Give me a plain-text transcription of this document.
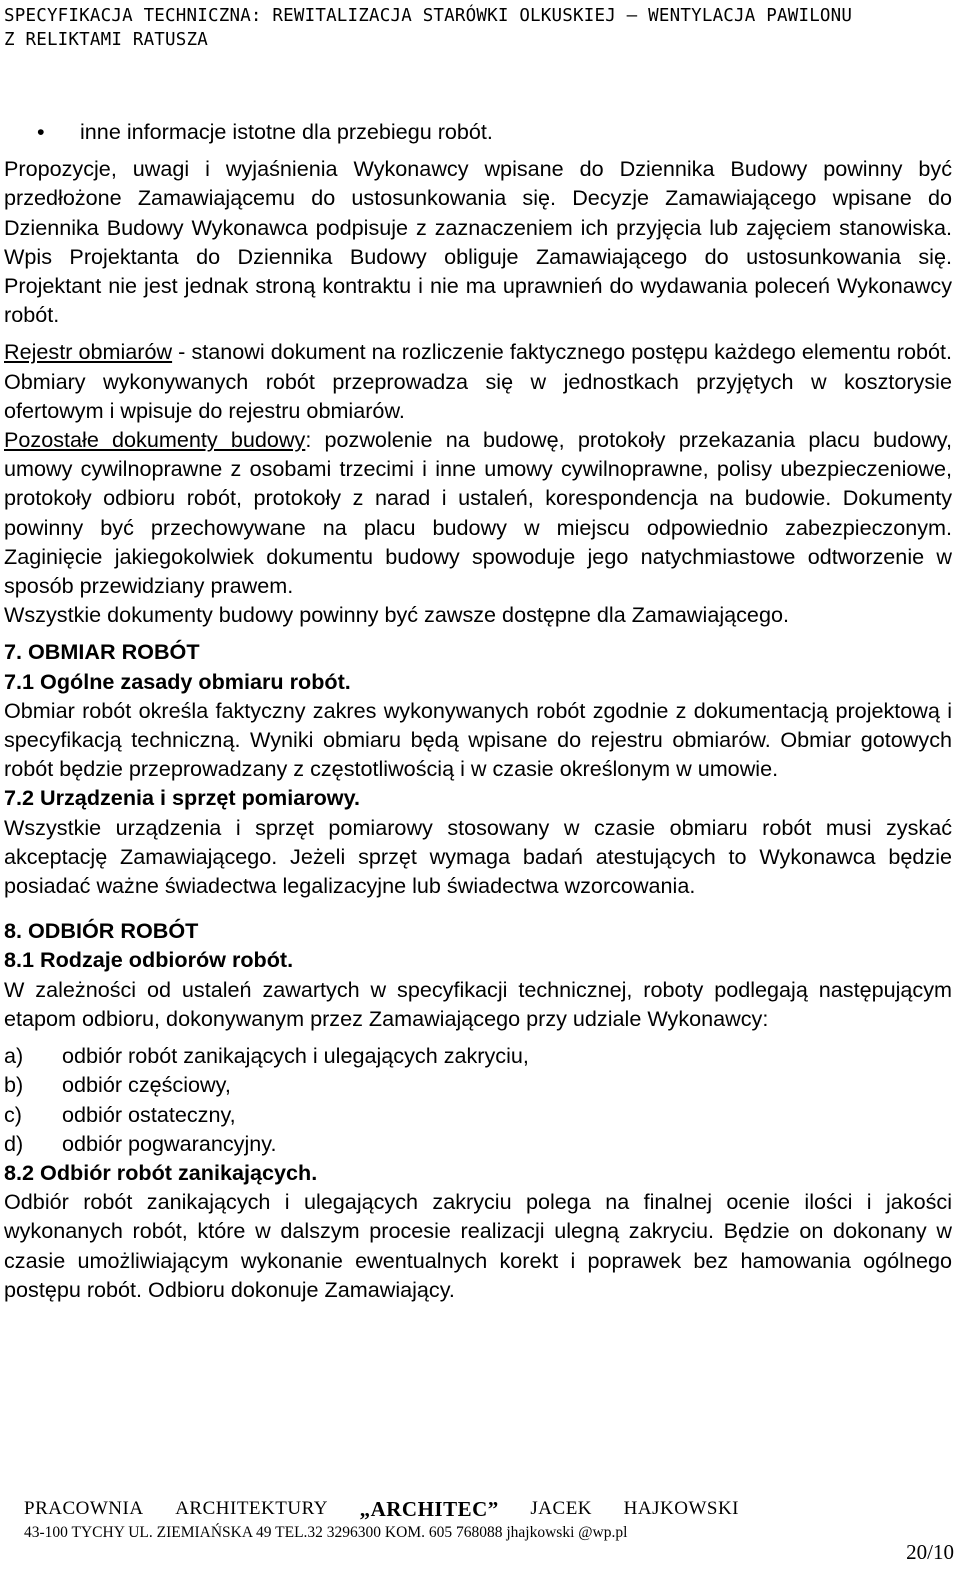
SPECYFIKACJA TECHNICZNA: REWITALIZACJA STARÓWKI OLKUSKIEJ – WENTYLACJA PAWILONU
Z RELIKTAMI RATUSZA

• inne informacje istotne dla przebiegu robót.

Propozycje, uwagi i wyjaśnienia Wykonawcy wpisane do Dziennika Budowy powinny być przedłożone Zamawiającemu do ustosunkowania się. Decyzje Zamawiającego wpisane do Dziennika Budowy Wykonawca podpisuje z zaznaczeniem ich przyjęcia lub zajęciem stanowiska. Wpis Projektanta do Dziennika Budowy obliguje Zamawiającego do ustosunkowania się. Projektant nie jest jednak stroną kontraktu i nie ma uprawnień do wydawania poleceń Wykonawcy robót.

Rejestr obmiarów - stanowi dokument na rozliczenie faktycznego postępu każdego elementu robót. Obmiary wykonywanych robót przeprowadza się w jednostkach przyjętych w kosztorysie ofertowym i wpisuje do rejestru obmiarów.

Pozostałe dokumenty budowy: pozwolenie na budowę, protokoły przekazania placu budowy, umowy cywilnoprawne z osobami trzecimi i inne umowy cywilnoprawne, polisy ubezpieczeniowe, protokoły odbioru robót, protokoły z narad i ustaleń, korespondencja na budowie. Dokumenty powinny być przechowywane na placu budowy w miejscu odpowiednio zabezpieczonym. Zaginięcie jakiegokolwiek dokumentu budowy spowoduje jego natychmiastowe odtworzenie w sposób przewidziany prawem.

Wszystkie dokumenty budowy powinny być zawsze dostępne dla Zamawiającego.

7. OBMIAR ROBÓT
7.1 Ogólne zasady obmiaru robót.

Obmiar robót określa faktyczny zakres wykonywanych robót zgodnie z dokumentacją projektową i specyfikacją techniczną. Wyniki obmiaru będą wpisane do rejestru obmiarów. Obmiar gotowych robót będzie przeprowadzany z częstotliwością i w czasie określonym w umowie.

7.2 Urządzenia i sprzęt pomiarowy.

Wszystkie urządzenia i sprzęt pomiarowy stosowany w czasie obmiaru robót musi zyskać akceptację Zamawiającego. Jeżeli sprzęt wymaga badań atestujących to Wykonawca będzie posiadać ważne świadectwa legalizacyjne lub świadectwa wzorcowania.

8. ODBIÓR ROBÓT
8.1 Rodzaje odbiorów robót.

W zależności od ustaleń zawartych w specyfikacji technicznej, roboty podlegają następującym etapom odbioru, dokonywanym przez Zamawiającego przy udziale Wykonawcy:

a) odbiór robót zanikających i ulegających zakryciu,
b) odbiór częściowy,
c) odbiór ostateczny,
d) odbiór pogwarancyjny.
8.2 Odbiór robót zanikających.

Odbiór robót zanikających i ulegających zakryciu polega na finalnej ocenie ilości i jakości wykonanych robót, które w dalszym procesie realizacji ulegną zakryciu. Będzie on dokonany w czasie umożliwiającym wykonanie ewentualnych korekt i poprawek bez hamowania ogólnego postępu robót. Odbioru dokonuje Zamawiający.

PRACOWNIA ARCHITEKTURY „ARCHITEC” JACEK HAJKOWSKI
43-100 TYCHY UL. ZIEMIAŃSKA 49 TEL.32 3296300 KOM. 605 768088 jhajkowski @wp.pl
20/10
